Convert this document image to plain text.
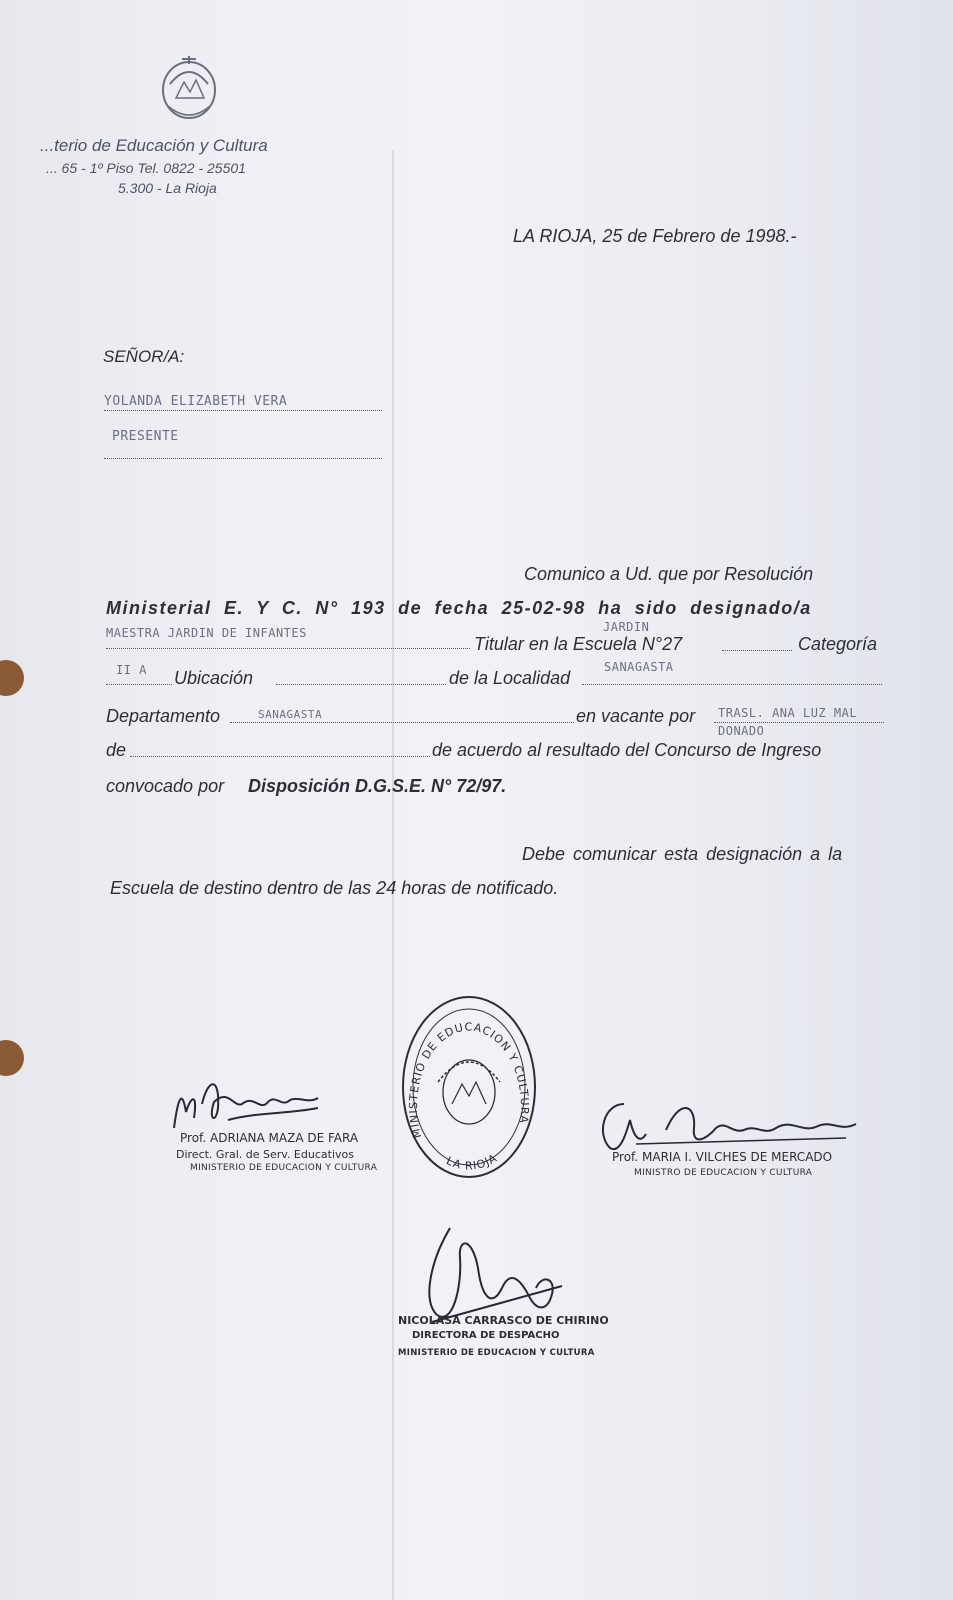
...terio de Educación y Cultura
... 65 - 1º Piso Tel. 0822 - 25501
5.300 - La Rioja
LA RIOJA, 25 de Febrero de 1998.-
SEÑOR/A:
YOLANDA ELIZABETH VERA
PRESENTE
Comunico a Ud. que por Resolución
Ministerial E. Y C. N° 193 de fecha 25-02-98 ha sido designado/a
MAESTRA JARDIN DE INFANTES
Titular en la Escuela N°27
JARDIN
Categoría
II A Ubicación	de la Localidad
SANAGASTA
Departamento	SANAGASTA	en vacante por TRASL. ANA LUZ MAL
DONADO
de	de acuerdo al resultado del Concurso de Ingreso
convocado por Disposición D.G.S.E. N° 72/97.
Debe comunicar esta designación a la
Escuela de destino dentro de las 24 horas de notificado.
MINISTERIO DE EDUCACION Y CULTURA
LA RIOJA
Prof. ADRIANA MAZA DE FARA
Direct. Gral. de Serv. Educativos
MINISTERIO DE EDUCACION Y CULTURA
Prof. MARIA I. VILCHES DE MERCADO
MINISTRO DE EDUCACION Y CULTURA
NICOLASA CARRASCO DE CHIRINO
DIRECTORA DE DESPACHO
MINISTERIO DE EDUCACION Y CULTURA
